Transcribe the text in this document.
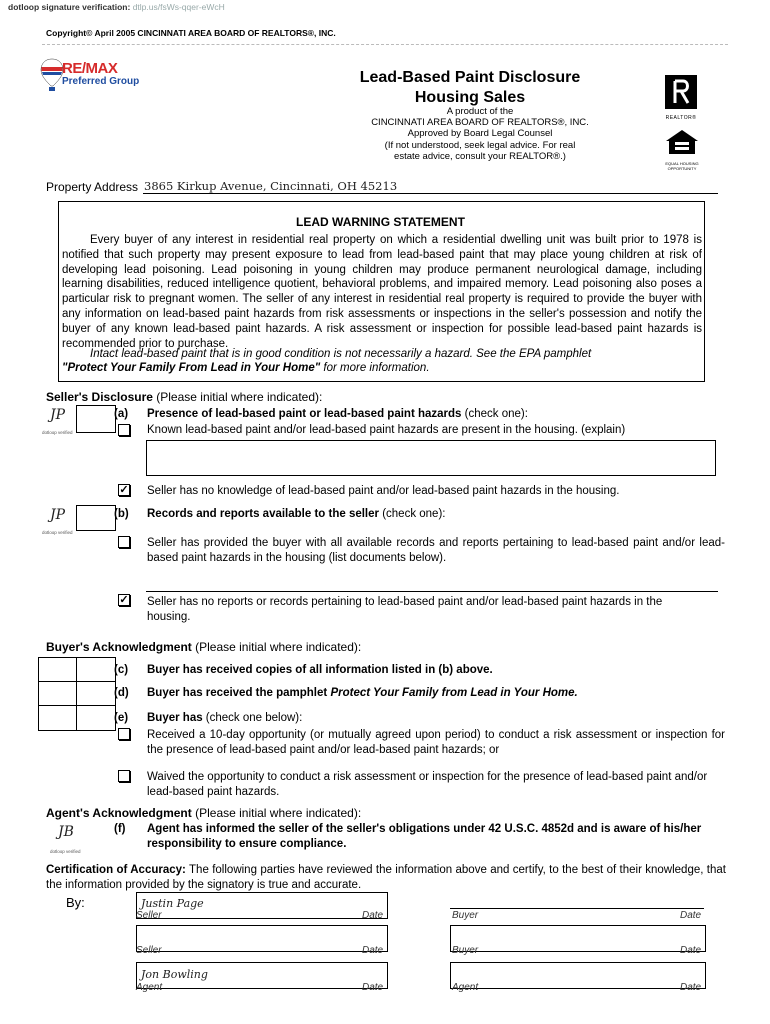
dotloop signature verification: dtlp.us/fsWs-qqer-eWcH
Copyright© April 2005 CINCINNATI AREA BOARD OF REALTORS®, INC.
RE/MAX
Preferred Group	Lead-Based Paint Disclosure
Housing Sales
A product of the
CINCINNATI AREA BOARD OF REALTORS®, INC.
Approved by Board Legal Counsel
(If not understood, seek legal advice. For real
estate advice, consult your REALTOR®.)
REALTOR®
EQUAL HOUSING OPPORTUNITY
Property Address 3865 Kirkup Avenue, Cincinnati, OH 45213
LEAD WARNING STATEMENT
Every buyer of any interest in residential real property on which a residential dwelling unit was built prior to 1978 is notified that such property may present exposure to lead from lead-based paint that may place young children at risk of developing lead poisoning. Lead poisoning in young children may produce permanent neurological damage, including learning disabilities, reduced intelligence quotient, behavioral problems, and impaired memory. Lead poisoning also poses a particular risk to pregnant women. The seller of any interest in residential real property is required to provide the buyer with any information on lead-based paint hazards from risk assessments or inspections in the seller's possession and notify the buyer of any known lead-based paint hazards. A risk assessment or inspection for possible lead-based paint hazards is recommended prior to purchase.
Intact lead-based paint that is in good condition is not necessarily a hazard. See the EPA pamphlet
"Protect Your Family From Lead in Your Home" for more information.
Seller's Disclosure (Please initial where indicated):
JP
dotloop verified
(a) Presence of lead-based paint or lead-based paint hazards (check one):
Known lead-based paint and/or lead-based paint hazards are present in the housing. (explain)
✓ Seller has no knowledge of lead-based paint and/or lead-based paint hazards in the housing.
JP
dotloop verified
(b) Records and reports available to the seller (check one):
Seller has provided the buyer with all available records and reports pertaining to lead-based paint and/or lead-based paint hazards in the housing (list documents below).
✓ Seller has no reports or records pertaining to lead-based paint and/or lead-based paint hazards in the housing.
Buyer's Acknowledgment (Please initial where indicated):
(c) Buyer has received copies of all information listed in (b) above.
(d) Buyer has received the pamphlet Protect Your Family from Lead in Your Home.
(e) Buyer has (check one below):
Received a 10-day opportunity (or mutually agreed upon period) to conduct a risk assessment or inspection for the presence of lead-based paint and/or lead-based paint hazards; or
Waived the opportunity to conduct a risk assessment or inspection for the presence of lead-based paint and/or lead-based paint hazards.
Agent's Acknowledgment (Please initial where indicated):
JB
dotloop verified
(f) Agent has informed the seller of the seller's obligations under 42 U.S.C. 4852d and is aware of his/her responsibility to ensure compliance.
Certification of Accuracy: The following parties have reviewed the information above and certify, to the best of their knowledge, that the information provided by the signatory is true and accurate.
By:	Justin Page
Seller	Date	Buyer	Date
Seller	Date	Buyer	Date
Jon Bowling
Agent	Date	Agent	Date
